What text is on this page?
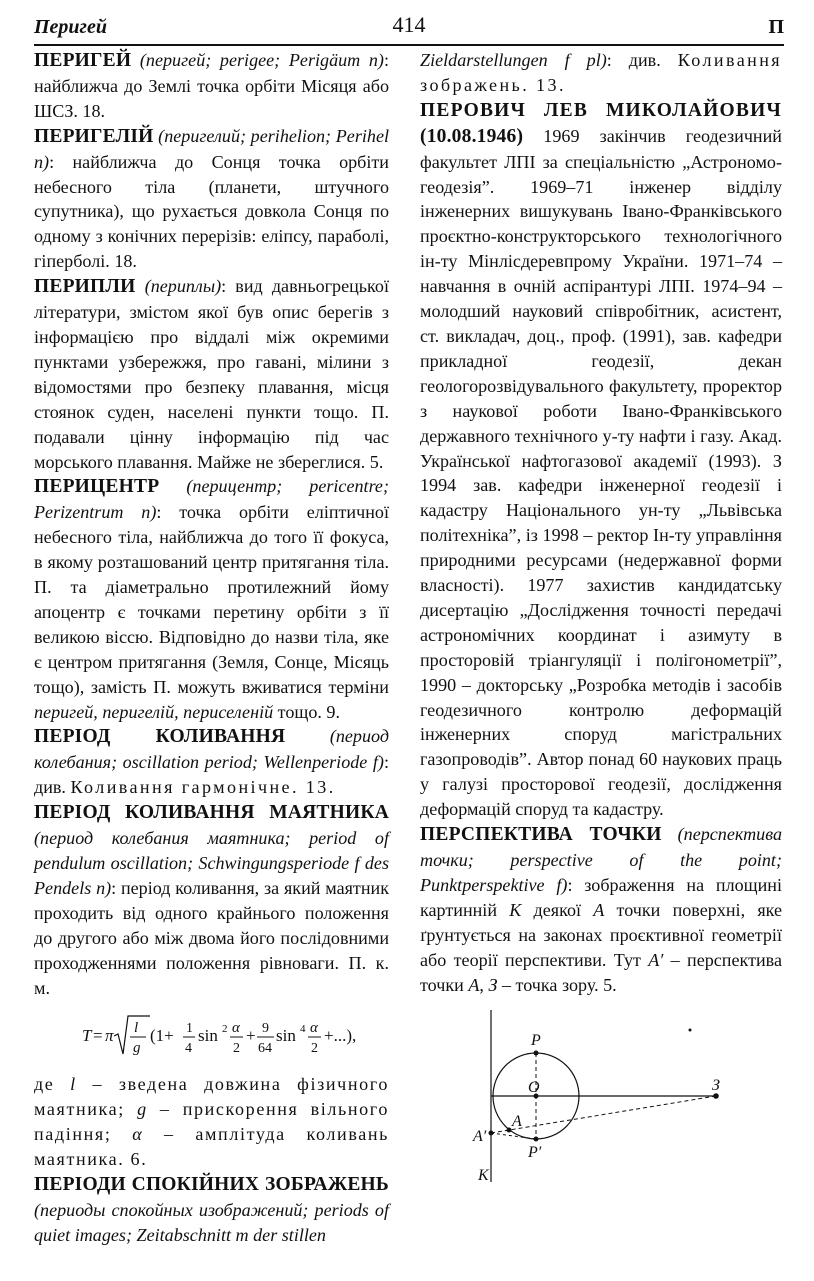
Перигей	414	П

ПЕРИГЕЙ (перигей; perigee; Perigäum n): найближча до Землі точка орбіти Місяця або ШСЗ. 18.

ПЕРИГЕЛІЙ (перигелий; perihelion; Perihel n): найближча до Сонця точка орбіти небесного тіла (планети, штучного супутника), що рухається довкола Сонця по одному з конічних перерізів: еліпсу, параболі, гіперболі. 18.

ПЕРИПЛИ (периплы): вид давньогрецької літератури, змістом якої був опис берегів з інформацією про віддалі між окремими пунктами узбережжя, про гавані, мілини з відомостями про безпеку плавання, місця стоянок суден, населені пункти тощо. П. подавали цінну інформацію під час морського плавання. Майже не збереглися. 5.

ПЕРИЦЕНТР (перицентр; pericentre; Perizentrum n): точка орбіти еліптичної небесного тіла, найближча до того її фокуса, в якому розташований центр притягання тіла. П. та діаметрально протилежний йому апоцентр є точками перетину орбіти з її великою віссю. Відповідно до назви тіла, яке є центром притягання (Земля, Сонце, Місяць тощо), замість П. можуть вживатися терміни перигей, перигелій, периселеній тощо. 9.

ПЕРІОД КОЛИВАННЯ (период колебания; oscillation period; Wellenperiode f): див. Коливання гармонічне. 13.

ПЕРІОД КОЛИВАННЯ МАЯТНИКА (период колебания маятника; period of pendulum oscillation; Schwingungsperiode f des Pendels n): період коливання, за який маятник проходить від одного крайнього положення до другого або між двома його послідовними проходженнями положення рівноваги. П. к. м.

T = π l
g
(1+ 1
4
sin 2 α
2
+ 9
64
sin 4 α
2
+...),

де l – зведена довжина фізичного маятника; g – прискорення вільного падіння; α – амплітуда коливань маятника. 6.

ПЕРІОДИ СПОКІЙНИХ ЗОБРАЖЕНЬ (периоды спокойных изображений; periods of quiet images; Zeitabschnitt m der stillen

Zieldarstellungen f pl): див. Коливання зображень. 13.

ПЕРОВИЧ ЛЕВ МИКОЛАЙОВИЧ (10.08.1946) 1969 закінчив геодезичний факультет ЛПІ за спеціальністю „Астрономо-геодезія”. 1969–71 інженер відділу інженерних вишукувань Івано-Франківського проєктно-конструкторського технологічного ін-ту Мінлісдеревпрому України. 1971–74 – навчання в очній аспірантурі ЛПІ. 1974–94 – молодший науковий співробітник, асистент, ст. викладач, доц., проф. (1991), зав. кафедри прикладної геодезії, декан геологорозвідувального факультету, проректор з наукової роботи Івано-Франківського державного технічного у-ту нафти і газу. Акад. Української нафтогазової академії (1993). З 1994 зав. кафедри інженерної геодезії і кадастру Національного ун-ту „Львівська політехніка”, із 1998 – ректор Ін-ту управління природними ресурсами (недержавної форми власності). 1977 захистив кандидатську дисертацію „Дослідження точності передачі астрономічних координат і азимуту в просторовій тріангуляції і полігонометрії”, 1990 – докторську „Розробка методів і засобів геодезичного контролю деформацій інженерних споруд магістральних газопроводів”. Автор понад 60 наукових праць у галузі просторової геодезії, дослідження деформацій споруд та кадастру.

ПЕРСПЕКТИВА ТОЧКИ (перспектива точки; perspective of the point; Punktperspektive f): зображення на площині картинній K деякої A точки поверхні, яке ґрунтується на законах проєктивної геометрії або теорії перспективи. Тут A′ – перспектива точки A, З – точка зору. 5.

P
O	З
A
A′
P′
K
